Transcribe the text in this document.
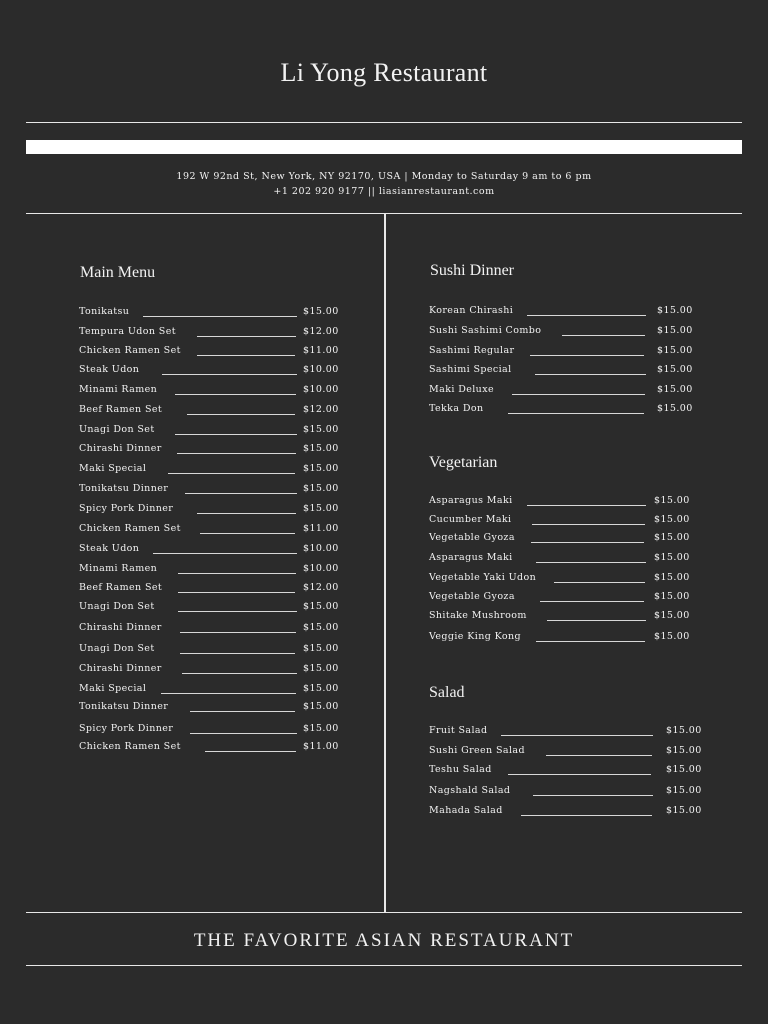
Li Yong Restaurant
192 W 92nd St, New York, NY 92170, USA | Monday to Saturday 9 am to 6 pm
+1 202 920 9177 || liasianrestaurant.com
Main Menu
Tonikatsu	$15.00
Tempura Udon Set	$12.00
Chicken Ramen Set	$11.00
Steak Udon	$10.00
Minami Ramen	$10.00
Beef Ramen Set	$12.00
Unagi Don Set	$15.00
Chirashi Dinner	$15.00
Maki Special	$15.00
Tonikatsu Dinner	$15.00
Spicy Pork Dinner	$15.00
Chicken Ramen Set	$11.00
Steak Udon	$10.00
Minami Ramen	$10.00
Beef Ramen Set	$12.00
Unagi Don Set	$15.00
Chirashi Dinner	$15.00
Unagi Don Set	$15.00
Chirashi Dinner	$15.00
Maki Special	$15.00
Tonikatsu Dinner	$15.00
Spicy Pork Dinner	$15.00
Chicken Ramen Set	$11.00
Sushi Dinner
Korean Chirashi	$15.00
Sushi Sashimi Combo	$15.00
Sashimi Regular	$15.00
Sashimi Special	$15.00
Maki Deluxe	$15.00
Tekka Don	$15.00
Vegetarian
Asparagus Maki	$15.00
Cucumber Maki	$15.00
Vegetable Gyoza	$15.00
Asparagus Maki	$15.00
Vegetable Yaki Udon	$15.00
Vegetable Gyoza	$15.00
Shitake Mushroom	$15.00
Veggie King Kong	$15.00
Salad
Fruit Salad	$15.00
Sushi Green Salad	$15.00
Teshu Salad	$15.00
Nagshald Salad	$15.00
Mahada Salad	$15.00
THE FAVORITE ASIAN RESTAURANT
